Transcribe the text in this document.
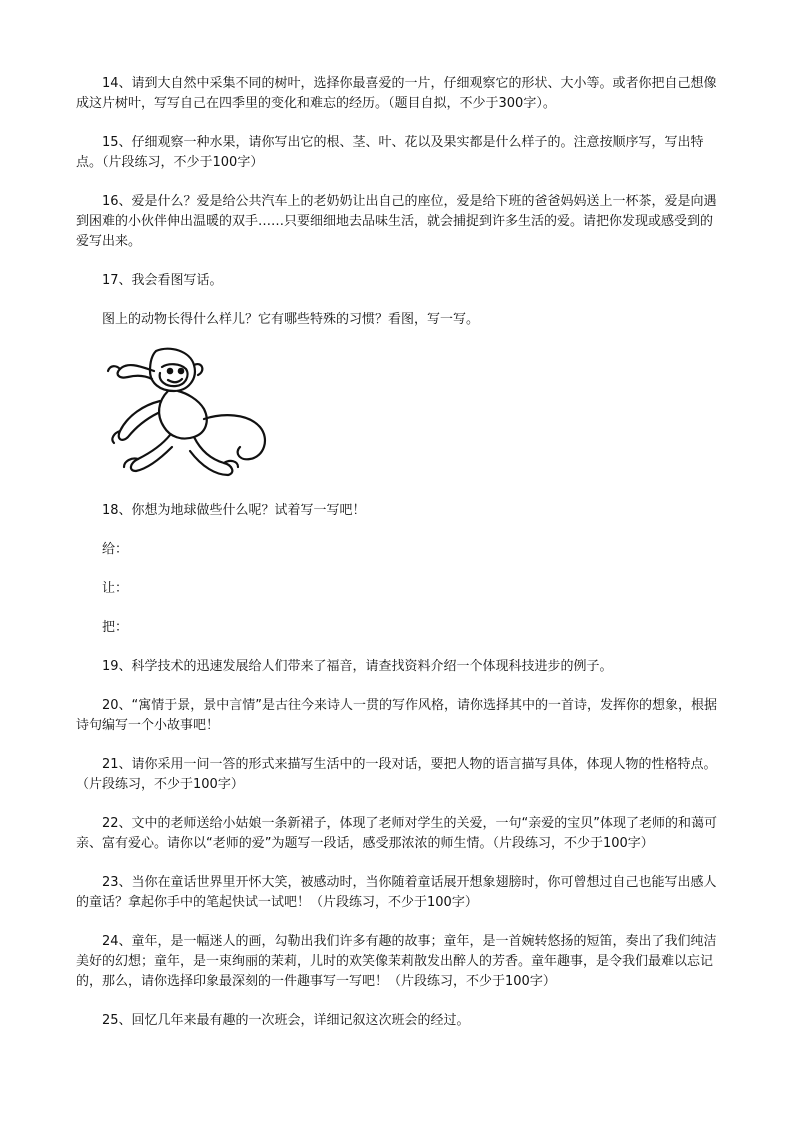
14、请到大自然中采集不同的树叶，选择你最喜爱的一片，仔细观察它的形状、大小等。或者你把自己想像成这片树叶，写写自己在四季里的变化和难忘的经历。（题目自拟，不少于300字）。

15、仔细观察一种水果，请你写出它的根、茎、叶、花以及果实都是什么样子的。注意按顺序写，写出特点。（片段练习，不少于100字）

16、爱是什么？爱是给公共汽车上的老奶奶让出自己的座位，爱是给下班的爸爸妈妈送上一杯茶，爱是向遇到困难的小伙伴伸出温暖的双手……只要细细地去品味生活，就会捕捉到许多生活的爱。请把你发现或感受到的爱写出来。

17、我会看图写话。

图上的动物长得什么样儿？它有哪些特殊的习惯？看图，写一写。

18、你想为地球做些什么呢？试着写一写吧！

给：

让：

把：

19、科学技术的迅速发展给人们带来了福音，请查找资料介绍一个体现科技进步的例子。

20、“寓情于景，景中言情”是古往今来诗人一贯的写作风格，请你选择其中的一首诗，发挥你的想象，根据诗句编写一个小故事吧！

21、请你采用一问一答的形式来描写生活中的一段对话，要把人物的语言描写具体，体现人物的性格特点。（片段练习，不少于100字）

22、文中的老师送给小姑娘一条新裙子，体现了老师对学生的关爱，一句“亲爱的宝贝”体现了老师的和蔼可亲、富有爱心。请你以“老师的爱”为题写一段话，感受那浓浓的师生情。（片段练习，不少于100字）

23、当你在童话世界里开怀大笑，被感动时，当你随着童话展开想象翅膀时，你可曾想过自己也能写出感人的童话？拿起你手中的笔起快试一试吧！（片段练习，不少于100字）

24、童年，是一幅迷人的画，勾勒出我们许多有趣的故事；童年，是一首婉转悠扬的短笛，奏出了我们纯洁美好的幻想；童年，是一束绚丽的茉莉，儿时的欢笑像茉莉散发出醉人的芳香。童年趣事，是令我们最难以忘记的，那么，请你选择印象最深刻的一件趣事写一写吧！（片段练习，不少于100字）

25、回忆几年来最有趣的一次班会，详细记叙这次班会的经过。
